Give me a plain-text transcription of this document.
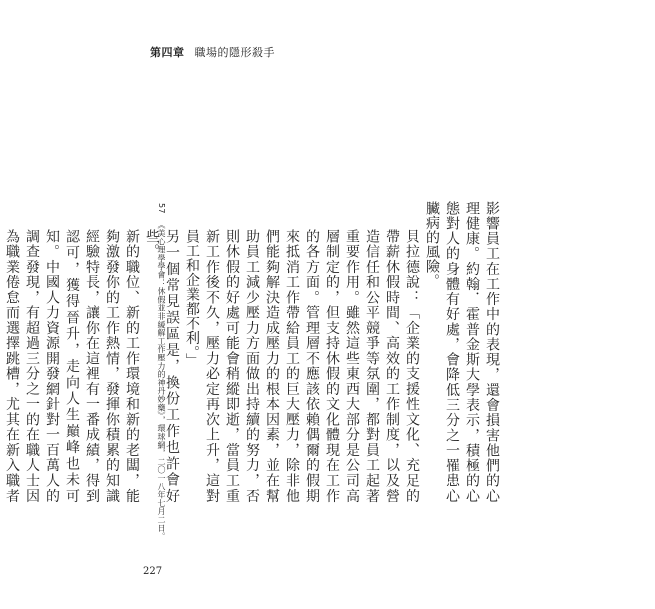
第四章 職場的隱形殺手
影響員工在工作中的表現，還會損害他們的心理健康。約翰．霍普金斯大學表示，積極的心態對人的身體有好處，會降低三分之一罹患心臟病的風險。
貝拉德說：「企業的支援性文化、充足的帶薪休假時間、高效的工作制度，以及營造信任和公平競爭等氛圍，都對員工起著重要作用。雖然這些東西大部分是公司高層制定的，但支持休假的文化體現在工作的各方面。管理層不應該依賴偶爾的假期來抵消工作帶給員工的巨大壓力，除非他們能夠解決造成壓力的根本因素，並在幫助員工減少壓力方面做出持續的努力，否則休假的好處可能會稍縱即逝，當員工重新工作後不久，壓力必定再次上升，這對員工和企業都不利。」
另一個常見誤區是，換份工作也許會好些。
新的職位、新的工作環境和新的老闆，能夠激發你的工作熱情，發揮你積累的知識經驗特長，讓你在這裡有一番成績，得到認可，獲得晉升，走向人生巔峰也未可知。中國人力資源開發網針對一百萬人的調查發現，有超過三分之一的在職人士因為職業倦怠而選擇跳槽，尤其在新入職者
57 《美心理學學會：休假並非緩解工作壓力的神丹妙藥》，環球網，二〇一八年七月二日。
227
